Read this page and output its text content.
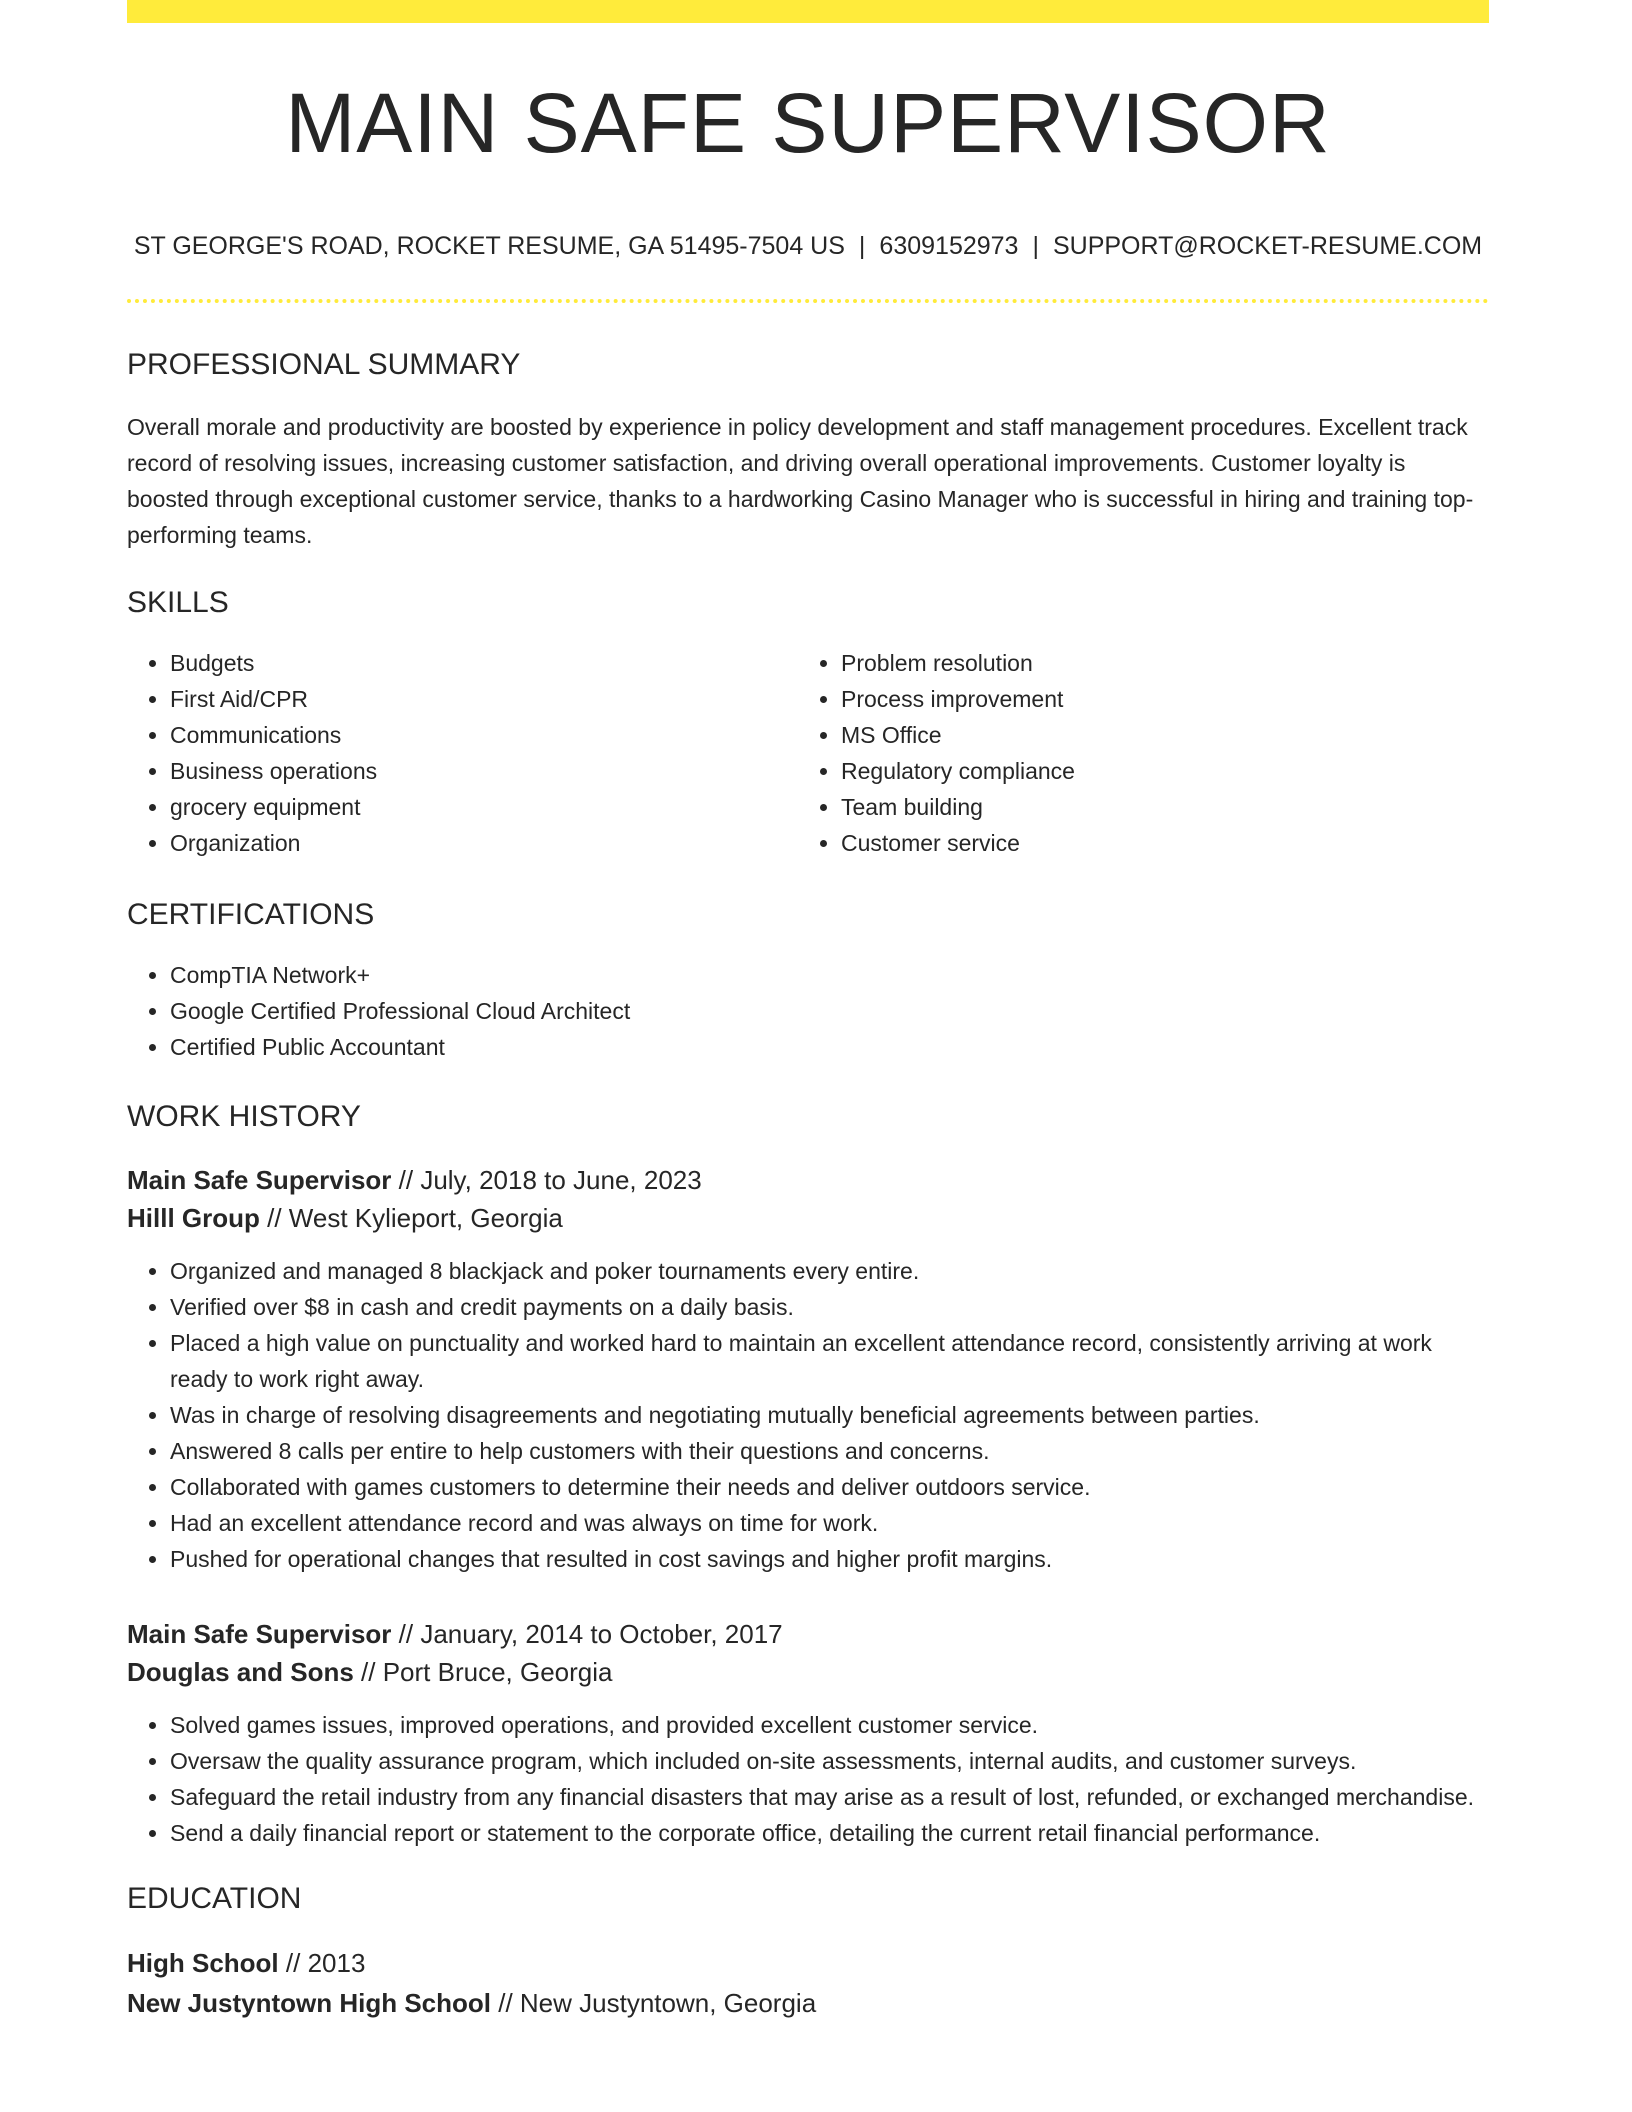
MAIN SAFE SUPERVISOR
ST GEORGE'S ROAD, ROCKET RESUME, GA 51495-7504 US | 6309152973 | SUPPORT@ROCKET-RESUME.COM
PROFESSIONAL SUMMARY
Overall morale and productivity are boosted by experience in policy development and staff management procedures. Excellent track record of resolving issues, increasing customer satisfaction, and driving overall operational improvements. Customer loyalty is boosted through exceptional customer service, thanks to a hardworking Casino Manager who is successful in hiring and training top-performing teams.
SKILLS
• Budgets
• First Aid/CPR
• Communications
• Business operations
• grocery equipment
• Organization
• Problem resolution
• Process improvement
• MS Office
• Regulatory compliance
• Team building
• Customer service
CERTIFICATIONS
• CompTIA Network+
• Google Certified Professional Cloud Architect
• Certified Public Accountant
WORK HISTORY
Main Safe Supervisor // July, 2018 to June, 2023
Hilll Group // West Kylieport, Georgia
• Organized and managed 8 blackjack and poker tournaments every entire.
• Verified over $8 in cash and credit payments on a daily basis.
• Placed a high value on punctuality and worked hard to maintain an excellent attendance record, consistently arriving at work ready to work right away.
• Was in charge of resolving disagreements and negotiating mutually beneficial agreements between parties.
• Answered 8 calls per entire to help customers with their questions and concerns.
• Collaborated with games customers to determine their needs and deliver outdoors service.
• Had an excellent attendance record and was always on time for work.
• Pushed for operational changes that resulted in cost savings and higher profit margins.
Main Safe Supervisor // January, 2014 to October, 2017
Douglas and Sons // Port Bruce, Georgia
• Solved games issues, improved operations, and provided excellent customer service.
• Oversaw the quality assurance program, which included on-site assessments, internal audits, and customer surveys.
• Safeguard the retail industry from any financial disasters that may arise as a result of lost, refunded, or exchanged merchandise.
• Send a daily financial report or statement to the corporate office, detailing the current retail financial performance.
EDUCATION
High School // 2013
New Justyntown High School // New Justyntown, Georgia
